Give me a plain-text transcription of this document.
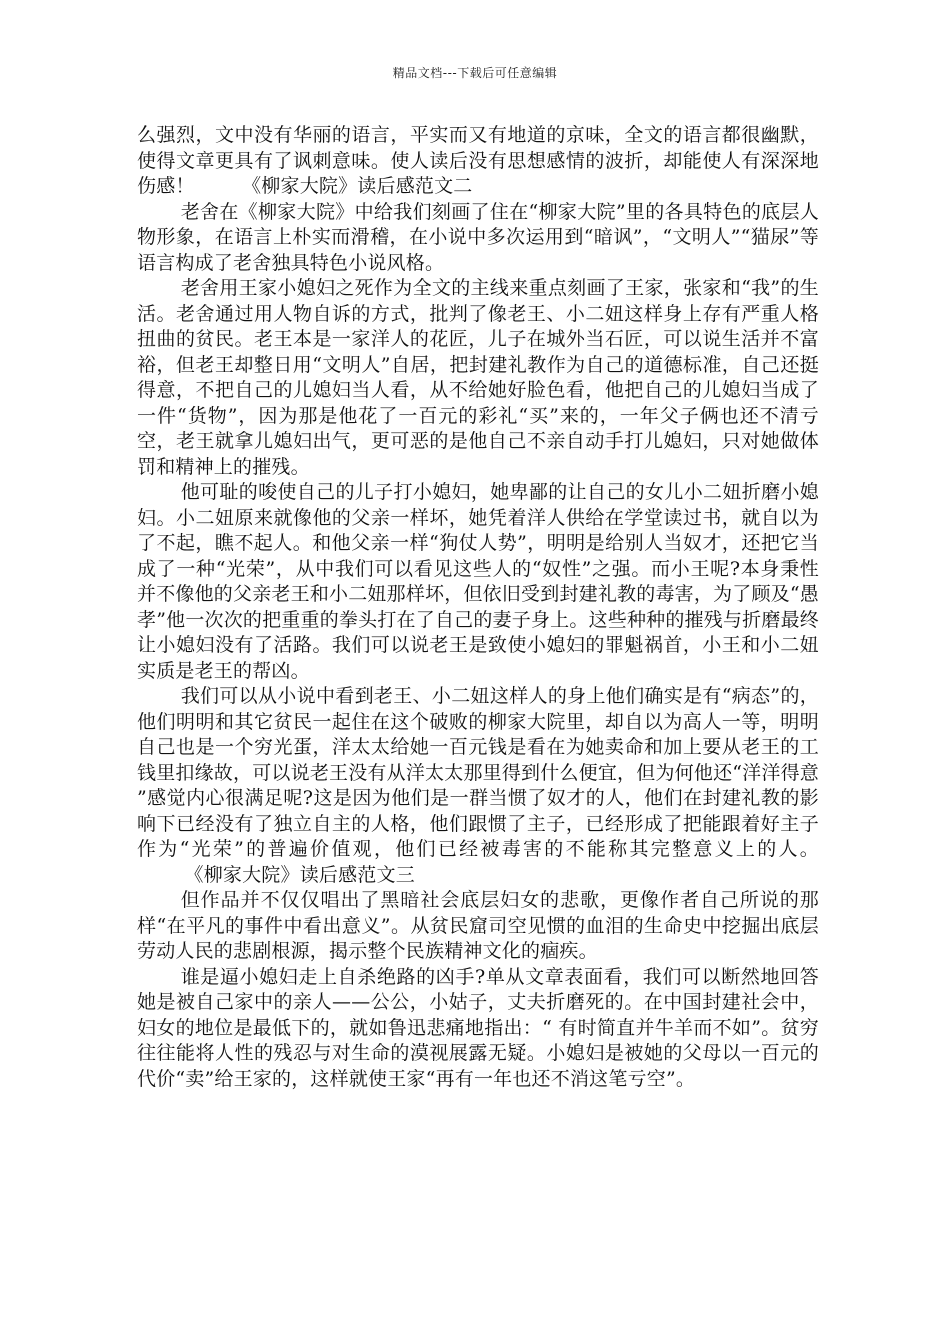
精品文档---下载后可任意编辑

么强烈，文中没有华丽的语言，平实而又有地道的京味，全文的语言都很幽默，使得文章更具有了讽刺意味。使人读后没有思想感情的波折，却能使人有深深地伤感！	《柳家大院》读后感范文二

老舍在《柳家大院》中给我们刻画了住在“柳家大院”里的各具特色的底层人物形象，在语言上朴实而滑稽，在小说中多次运用到“暗讽”，“文明人”“猫尿”等语言构成了老舍独具特色小说风格。

老舍用王家小媳妇之死作为全文的主线来重点刻画了王家，张家和“我”的生活。老舍通过用人物自诉的方式，批判了像老王、小二妞这样身上存有严重人格扭曲的贫民。老王本是一家洋人的花匠，儿子在城外当石匠，可以说生活并不富裕，但老王却整日用“文明人”自居，把封建礼教作为自己的道德标准，自己还挺得意，不把自己的儿媳妇当人看，从不给她好脸色看，他把自己的儿媳妇当成了一件“货物”，因为那是他花了一百元的彩礼“买”来的，一年父子俩也还不清亏空，老王就拿儿媳妇出气，更可恶的是他自己不亲自动手打儿媳妇，只对她做体罚和精神上的摧残。

他可耻的唆使自己的儿子打小媳妇，她卑鄙的让自己的女儿小二妞折磨小媳妇。小二妞原来就像他的父亲一样坏，她凭着洋人供给在学堂读过书，就自以为了不起，瞧不起人。和他父亲一样“狗仗人势”，明明是给别人当奴才，还把它当成了一种“光荣”，从中我们可以看见这些人的“奴性”之强。而小王呢?本身秉性并不像他的父亲老王和小二妞那样坏，但依旧受到封建礼教的毒害，为了顾及“愚孝”他一次次的把重重的拳头打在了自己的妻子身上。这些种种的摧残与折磨最终让小媳妇没有了活路。我们可以说老王是致使小媳妇的罪魁祸首，小王和小二妞实质是老王的帮凶。

我们可以从小说中看到老王、小二妞这样人的身上他们确实是有“病态”的，他们明明和其它贫民一起住在这个破败的柳家大院里，却自以为高人一等，明明自己也是一个穷光蛋，洋太太给她一百元钱是看在为她卖命和加上要从老王的工钱里扣缘故，可以说老王没有从洋太太那里得到什么便宜，但为何他还“洋洋得意 ”感觉内心很满足呢?这是因为他们是一群当惯了奴才的人，他们在封建礼教的影响下已经没有了独立自主的人格，他们跟惯了主子，已经形成了把能跟着好主子作为“光荣”的普遍价值观，他们已经被毒害的不能称其完整意义上的人。《柳家大院》读后感范文三

但作品并不仅仅唱出了黑暗社会底层妇女的悲歌，更像作者自己所说的那样“在平凡的事件中看出意义”。从贫民窟司空见惯的血泪的生命史中挖掘出底层劳动人民的悲剧根源，揭示整个民族精神文化的痼疾。

谁是逼小媳妇走上自杀绝路的凶手?单从文章表面看，我们可以断然地回答她是被自己家中的亲人——公公，小姑子，丈夫折磨死的。在中国封建社会中， 妇女的地位是最低下的，就如鲁迅悲痛地指出：“ 有时简直并牛羊而不如”。贫穷往往能将人性的残忍与对生命的漠视展露无疑。小媳妇是被她的父母以一百元的代价“卖”给王家的，这样就使王家“再有一年也还不消这笔亏空”。
